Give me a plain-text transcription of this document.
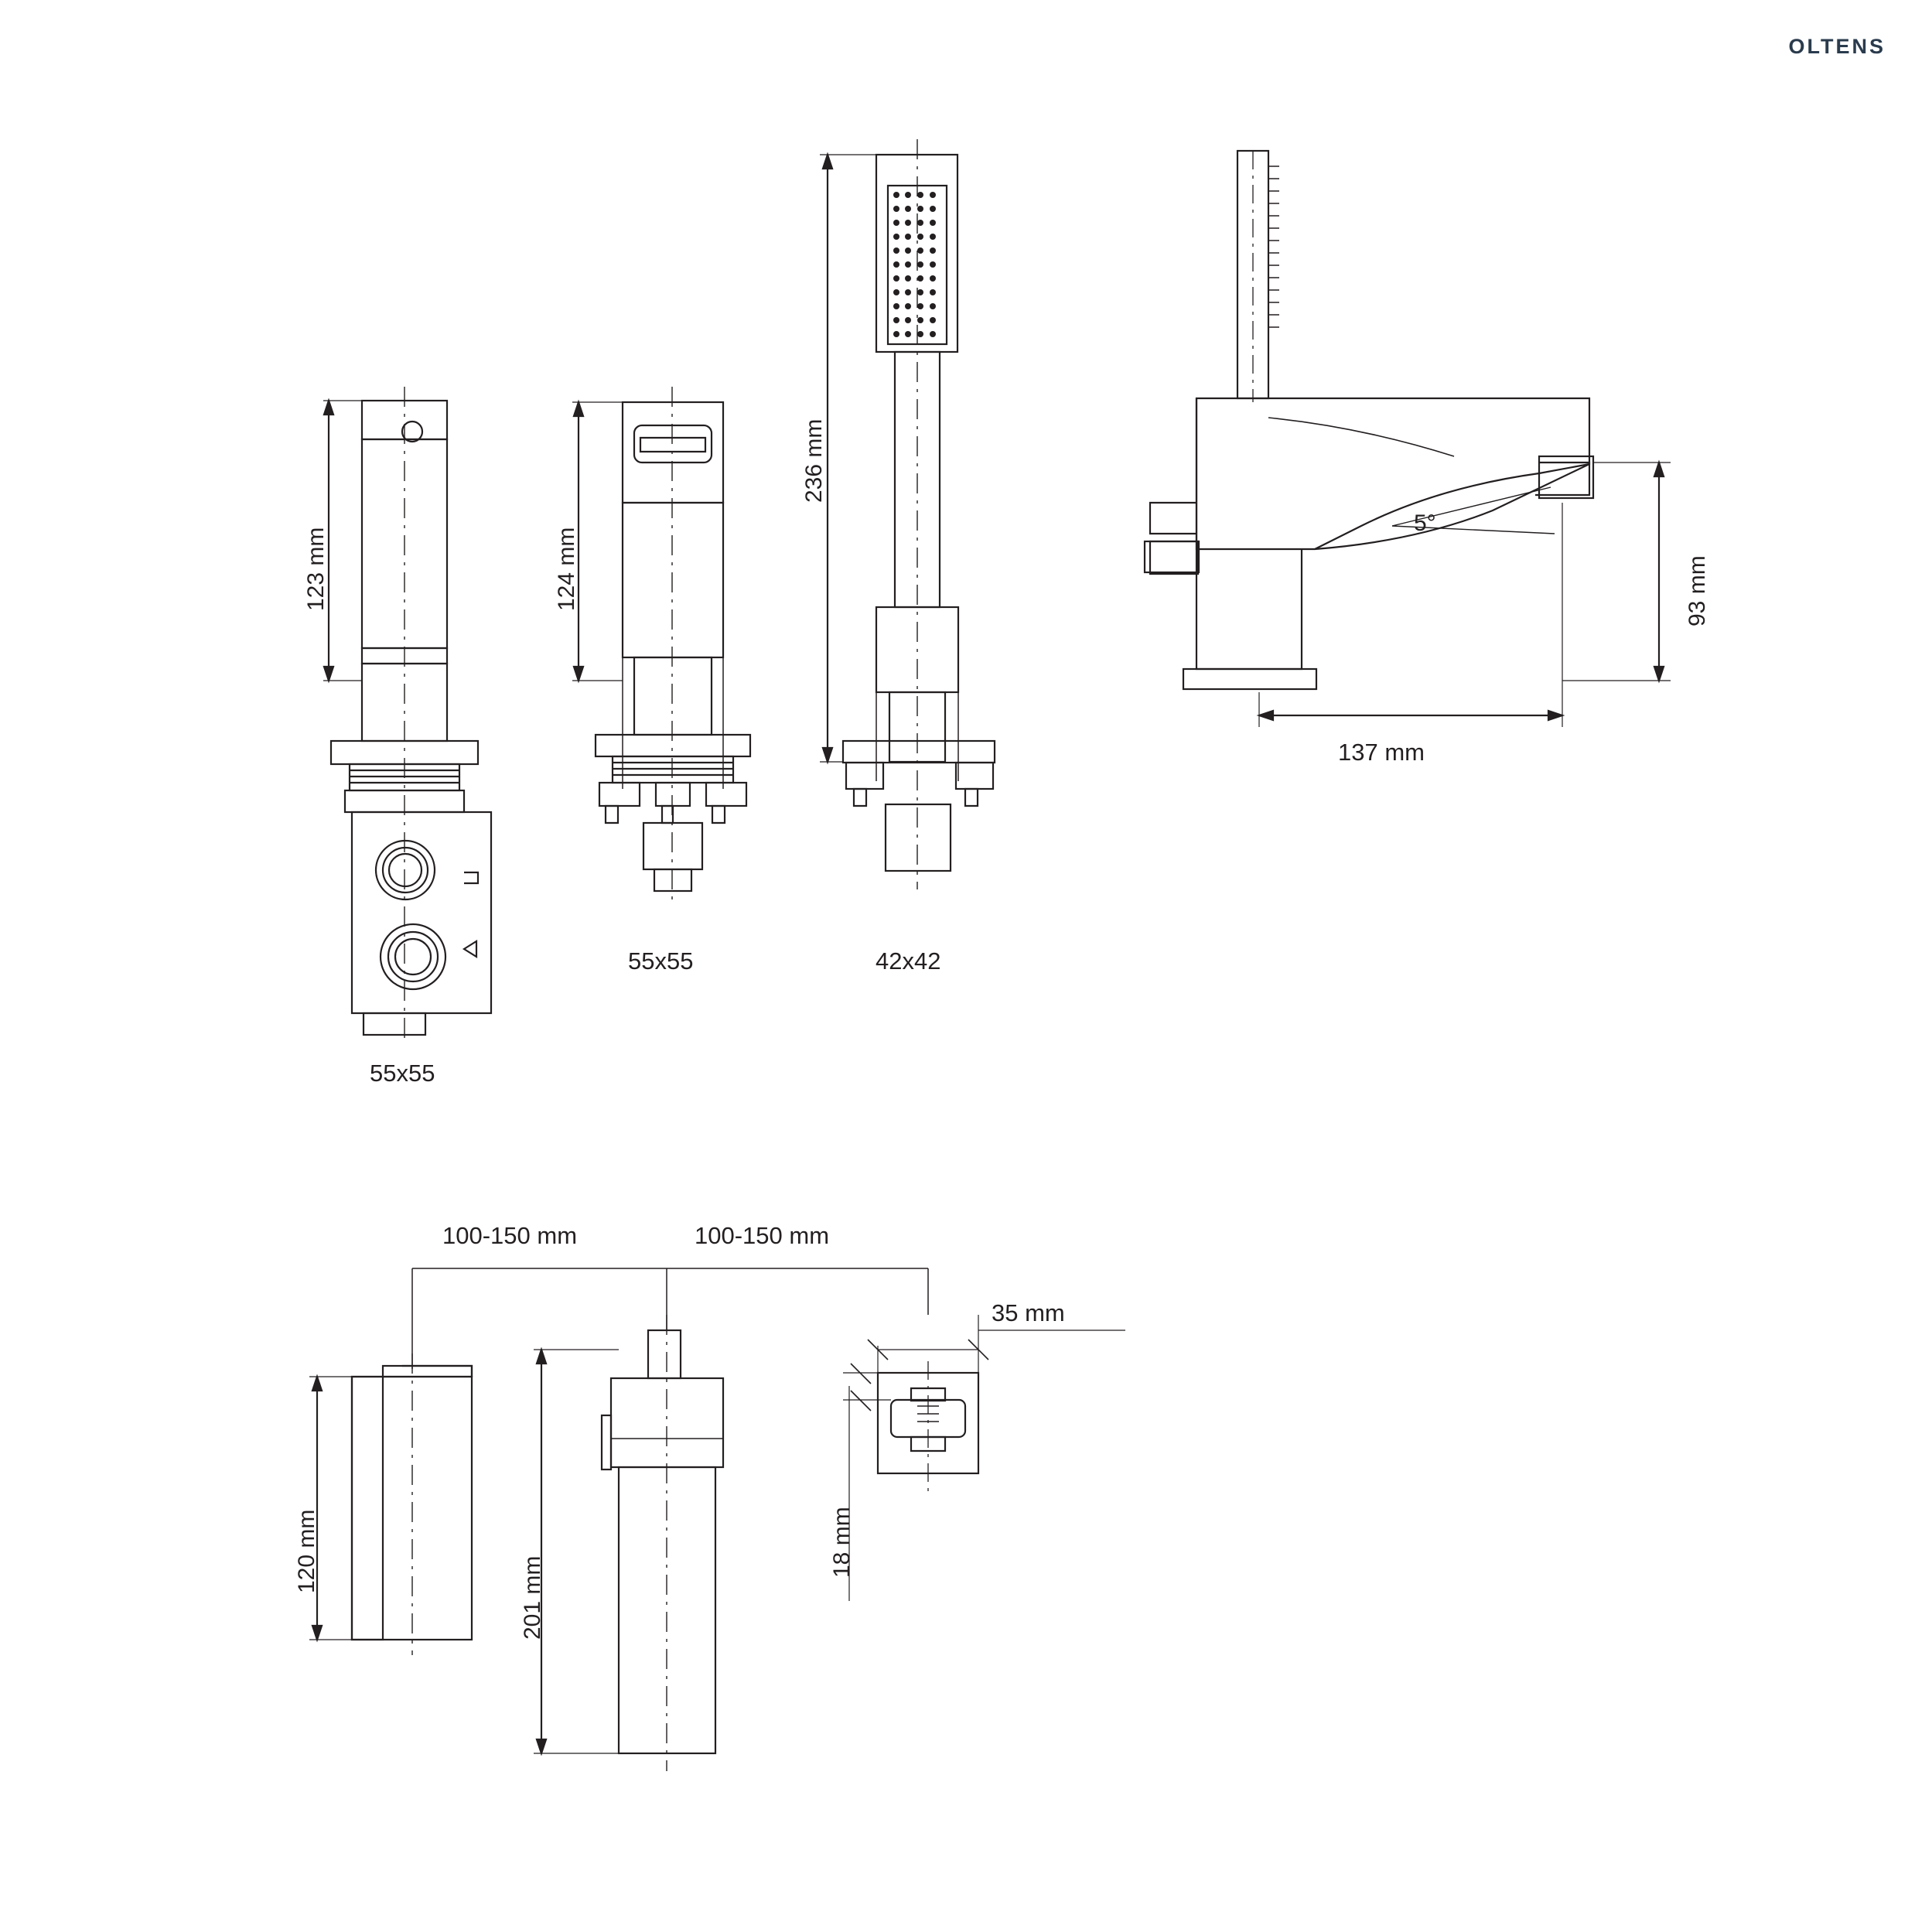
OLTENS
123 mm	124 mm
236 mm
93 mm
137 mm
5°
55x55
55x55	42x42
100-150 mm	100-150 mm
120 mm
201 mm
35 mm
18 mm
